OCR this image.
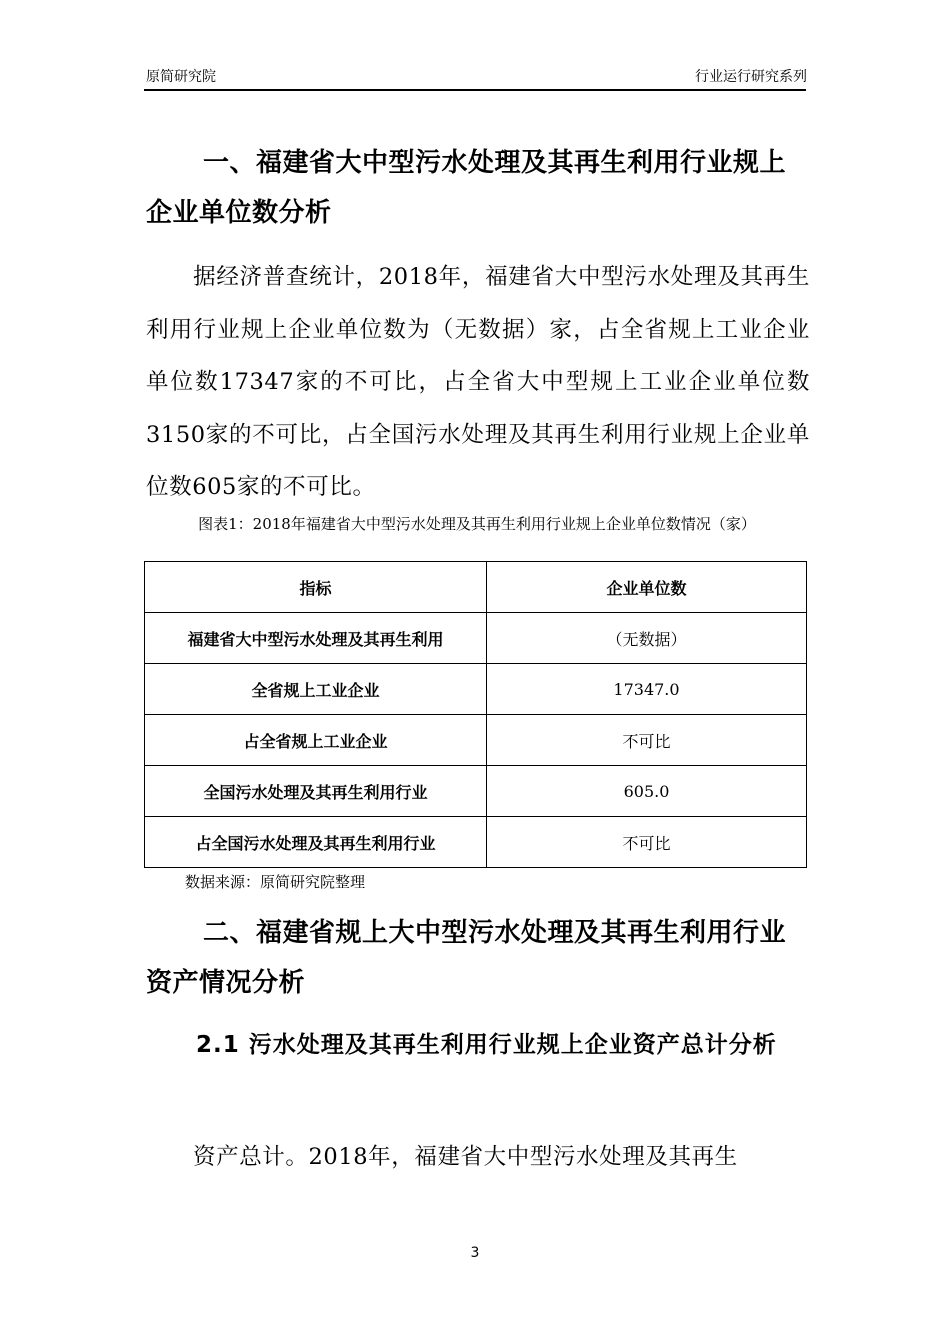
原简研究院	行业运行研究系列
一、福建省大中型污水处理及其再生利用行业规上企业单位数分析
据经济普查统计，2018年，福建省大中型污水处理及其再生利用行业规上企业单位数为（无数据）家，占全省规上工业企业单位数17347家的不可比，占全省大中型规上工业企业单位数3150家的不可比，占全国污水处理及其再生利用行业规上企业单位数605家的不可比。
图表1：2018年福建省大中型污水处理及其再生利用行业规上企业单位数情况（家）
指标	企业单位数
福建省大中型污水处理及其再生利用	（无数据）
全省规上工业企业	17347.0
占全省规上工业企业	不可比
全国污水处理及其再生利用行业	605.0
占全国污水处理及其再生利用行业	不可比
数据来源：原简研究院整理
二、福建省规上大中型污水处理及其再生利用行业资产情况分析
2.1 污水处理及其再生利用行业规上企业资产总计分析
资产总计。2018年，福建省大中型污水处理及其再生
3
